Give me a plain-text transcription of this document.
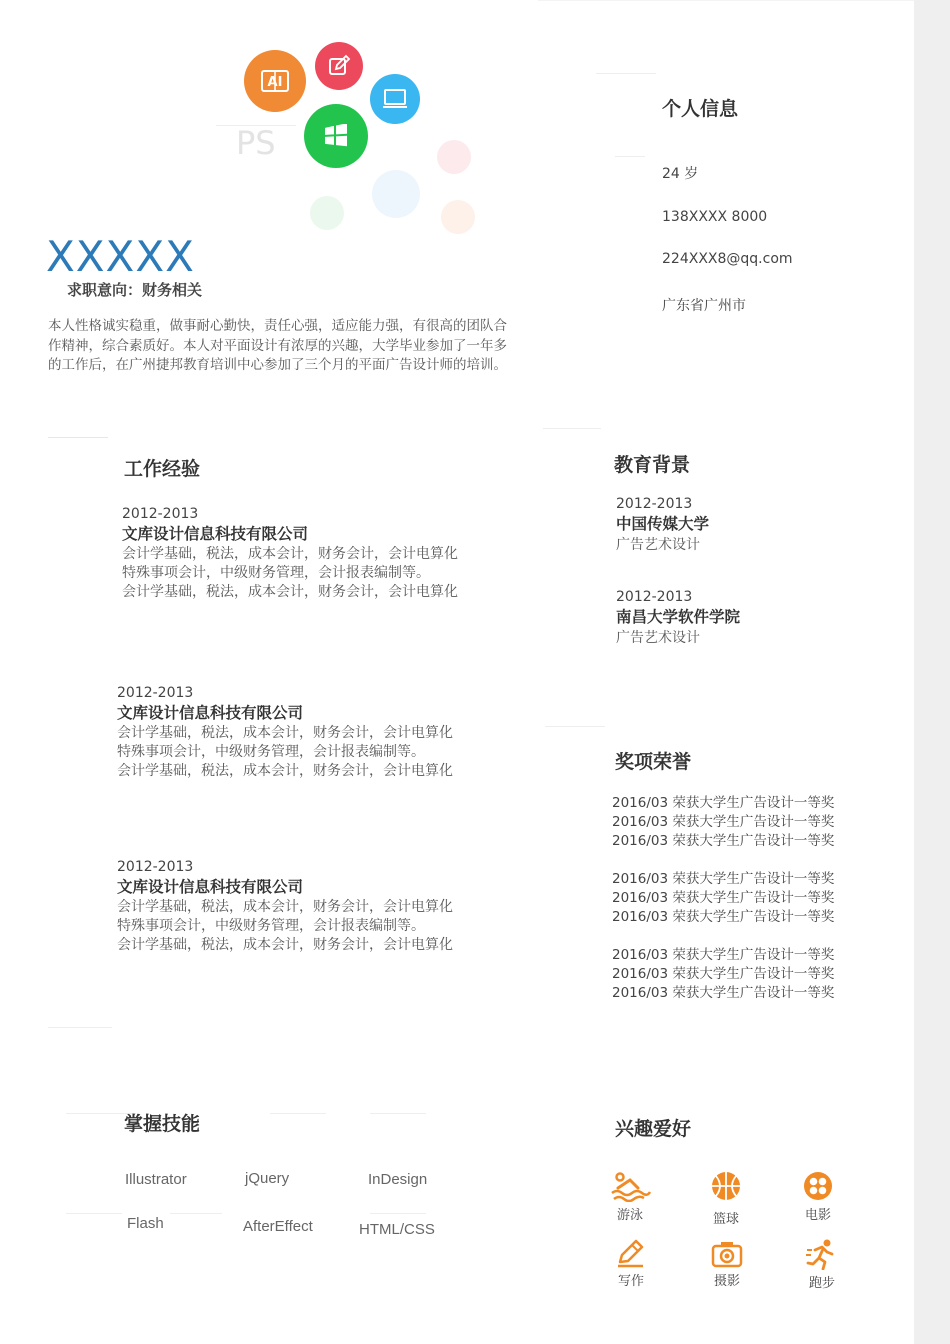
AI
PS
XXXXX
求职意向：财务相关
本人性格诚实稳重，做事耐心勤快，责任心强，适应能力强，有很高的团队合作精神，综合素质好。本人对平面设计有浓厚的兴趣，大学毕业参加了一年多的工作后，在广州捷邦教育培训中心参加了三个月的平面广告设计师的培训。
个人信息
24 岁
138XXXX 8000
224XXX8@qq.com
广东省广州市
工作经验
2012-2013
文库设计信息科技有限公司
会计学基础，税法，成本会计，财务会计，会计电算化
特殊事项会计，中级财务管理，会计报表编制等。
会计学基础，税法，成本会计，财务会计，会计电算化
2012-2013
文库设计信息科技有限公司
会计学基础，税法，成本会计，财务会计，会计电算化
特殊事项会计，中级财务管理，会计报表编制等。
会计学基础，税法，成本会计，财务会计，会计电算化
2012-2013
文库设计信息科技有限公司
会计学基础，税法，成本会计，财务会计，会计电算化
特殊事项会计，中级财务管理，会计报表编制等。
会计学基础，税法，成本会计，财务会计，会计电算化
教育背景
2012-2013
中国传媒大学
广告艺术设计
2012-2013
南昌大学软件学院
广告艺术设计
奖项荣誉
2016/03 荣获大学生广告设计一等奖
2016/03 荣获大学生广告设计一等奖
2016/03 荣获大学生广告设计一等奖
2016/03 荣获大学生广告设计一等奖
2016/03 荣获大学生广告设计一等奖
2016/03 荣获大学生广告设计一等奖
2016/03 荣获大学生广告设计一等奖
2016/03 荣获大学生广告设计一等奖
2016/03 荣获大学生广告设计一等奖
掌握技能
Illustrator	jQuery	InDesign
Flash	AfterEffect	HTML/CSS
兴趣爱好
游泳	篮球	电影
写作	摄影	跑步
